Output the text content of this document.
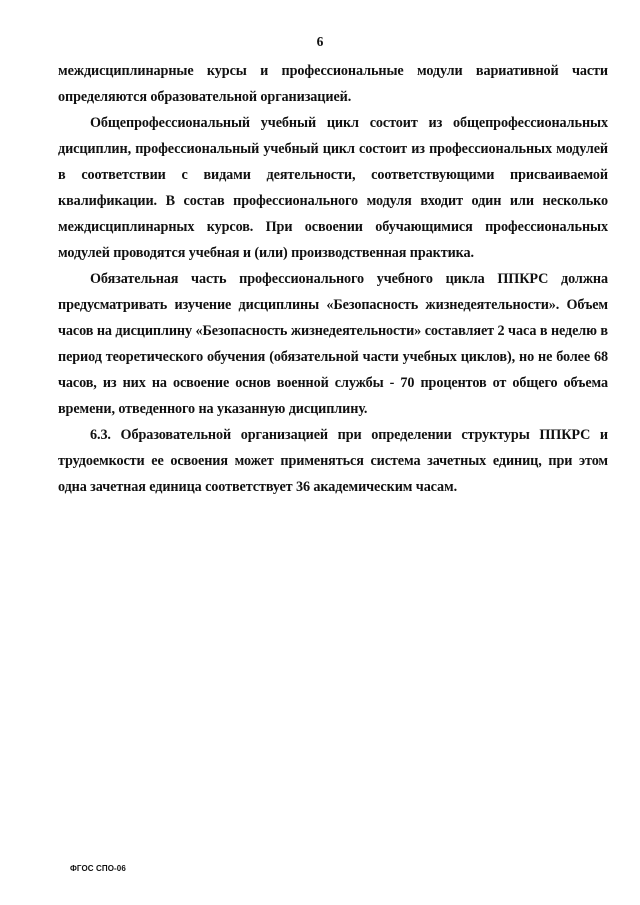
6

междисциплинарные курсы и профессиональные модули вариативной части определяются образовательной организацией.

Общепрофессиональный учебный цикл состоит из общепрофессиональных дисциплин, профессиональный учебный цикл состоит из профессиональных модулей в соответствии с видами деятельности, соответствующими присваиваемой квалификации. В состав профессионального модуля входит один или несколько междисциплинарных курсов. При освоении обучающимися профессиональных модулей проводятся учебная и (или) производственная практика.

Обязательная часть профессионального учебного цикла ППКРС должна предусматривать изучение дисциплины «Безопасность жизнедеятельности». Объем часов на дисциплину «Безопасность жизнедеятельности» составляет 2 часа в неделю в период теоретического обучения (обязательной части учебных циклов), но не более 68 часов, из них на освоение основ военной службы - 70 процентов от общего объема времени, отведенного на указанную дисциплину.

6.3. Образовательной организацией при определении структуры ППКРС и трудоемкости ее освоения может применяться система зачетных единиц, при этом одна зачетная единица соответствует 36 академическим часам.

ФГОС СПО-06
